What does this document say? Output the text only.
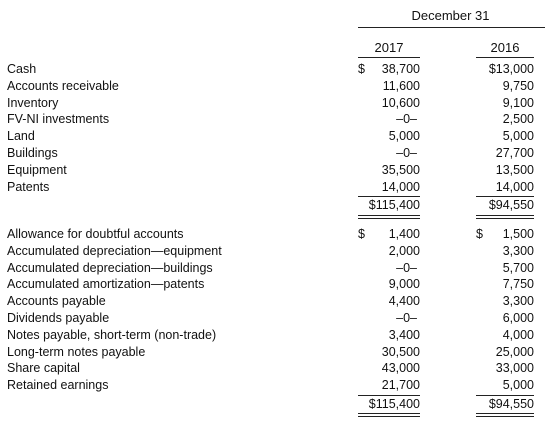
December 31
2017	2016
Cash	$ 38,700	$13,000
Accounts receivable	11,600	9,750
Inventory	10,600	9,100
FV-NI investments	–0–	2,500
Land	5,000	5,000
Buildings	–0–	27,700
Equipment	35,500	13,500
Patents	14,000	14,000
$115,400	$94,550
Allowance for doubtful accounts	$ 1,400	$ 1,500
Accumulated depreciation—equipment	2,000	3,300
Accumulated depreciation—buildings	–0–	5,700
Accumulated amortization—patents	9,000	7,750
Accounts payable	4,400	3,300
Dividends payable	–0–	6,000
Notes payable, short-term (non-trade)	3,400	4,000
Long-term notes payable	30,500	25,000
Share capital	43,000	33,000
Retained earnings	21,700	5,000
$115,400	$94,550
